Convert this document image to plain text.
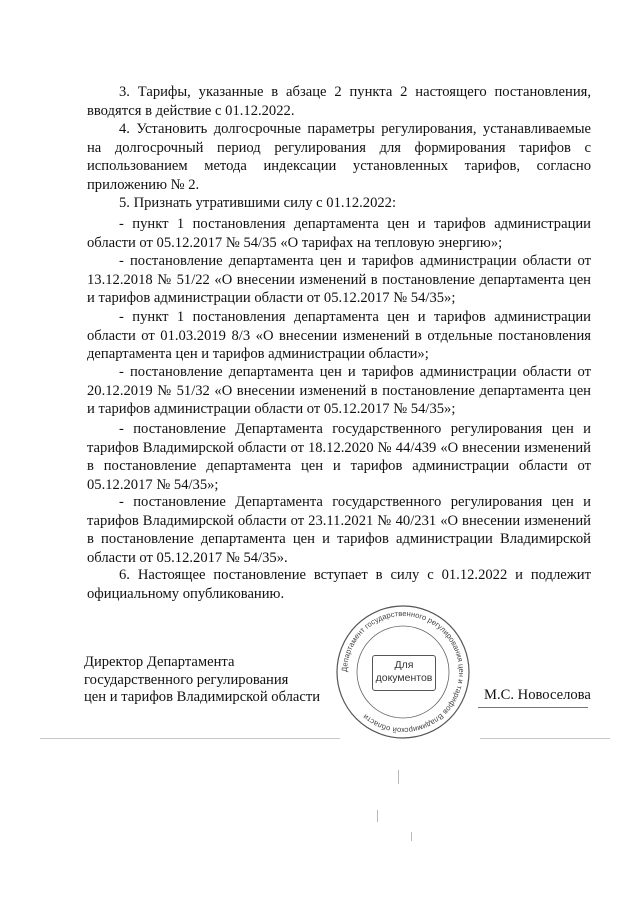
3. Тарифы, указанные в абзаце 2 пункта 2 настоящего постановления, вводятся в действие с 01.12.2022.

4. Установить долгосрочные параметры регулирования, устанавливаемые на долгосрочный период регулирования для формирования тарифов с использованием метода индексации установленных тарифов, согласно приложению № 2.

5. Признать утратившими силу с 01.12.2022:

- пункт 1 постановления департамента цен и тарифов администрации области от 05.12.2017 № 54/35 «О тарифах на тепловую энергию»;

- постановление департамента цен и тарифов администрации области от 13.12.2018 № 51/22 «О внесении изменений в постановление департамента цен и тарифов администрации области от 05.12.2017 № 54/35»;

- пункт 1 постановления департамента цен и тарифов администрации области от 01.03.2019 8/3 «О внесении изменений в отдельные постановления департамента цен и тарифов администрации области»;

- постановление департамента цен и тарифов администрации области от 20.12.2019 № 51/32 «О внесении изменений в постановление департамента цен и тарифов администрации области от 05.12.2017 № 54/35»;

- постановление Департамента государственного регулирования цен и тарифов Владимирской области от 18.12.2020 № 44/439 «О внесении изменений в постановление департамента цен и тарифов администрации области от 05.12.2017 № 54/35»;

- постановление Департамента государственного регулирования цен и тарифов Владимирской области от 23.11.2021 № 40/231 «О внесении изменений в постановление департамента цен и тарифов администрации Владимирской области от 05.12.2017 № 54/35».

6. Настоящее постановление вступает в силу с 01.12.2022 и подлежит официальному опубликованию.

Директор Департамента
государственного регулирования
цен и тарифов Владимирской области
Департамент государственного регулирования цен и тарифов Владимирской области
Для
документов
М.С. Новоселова
